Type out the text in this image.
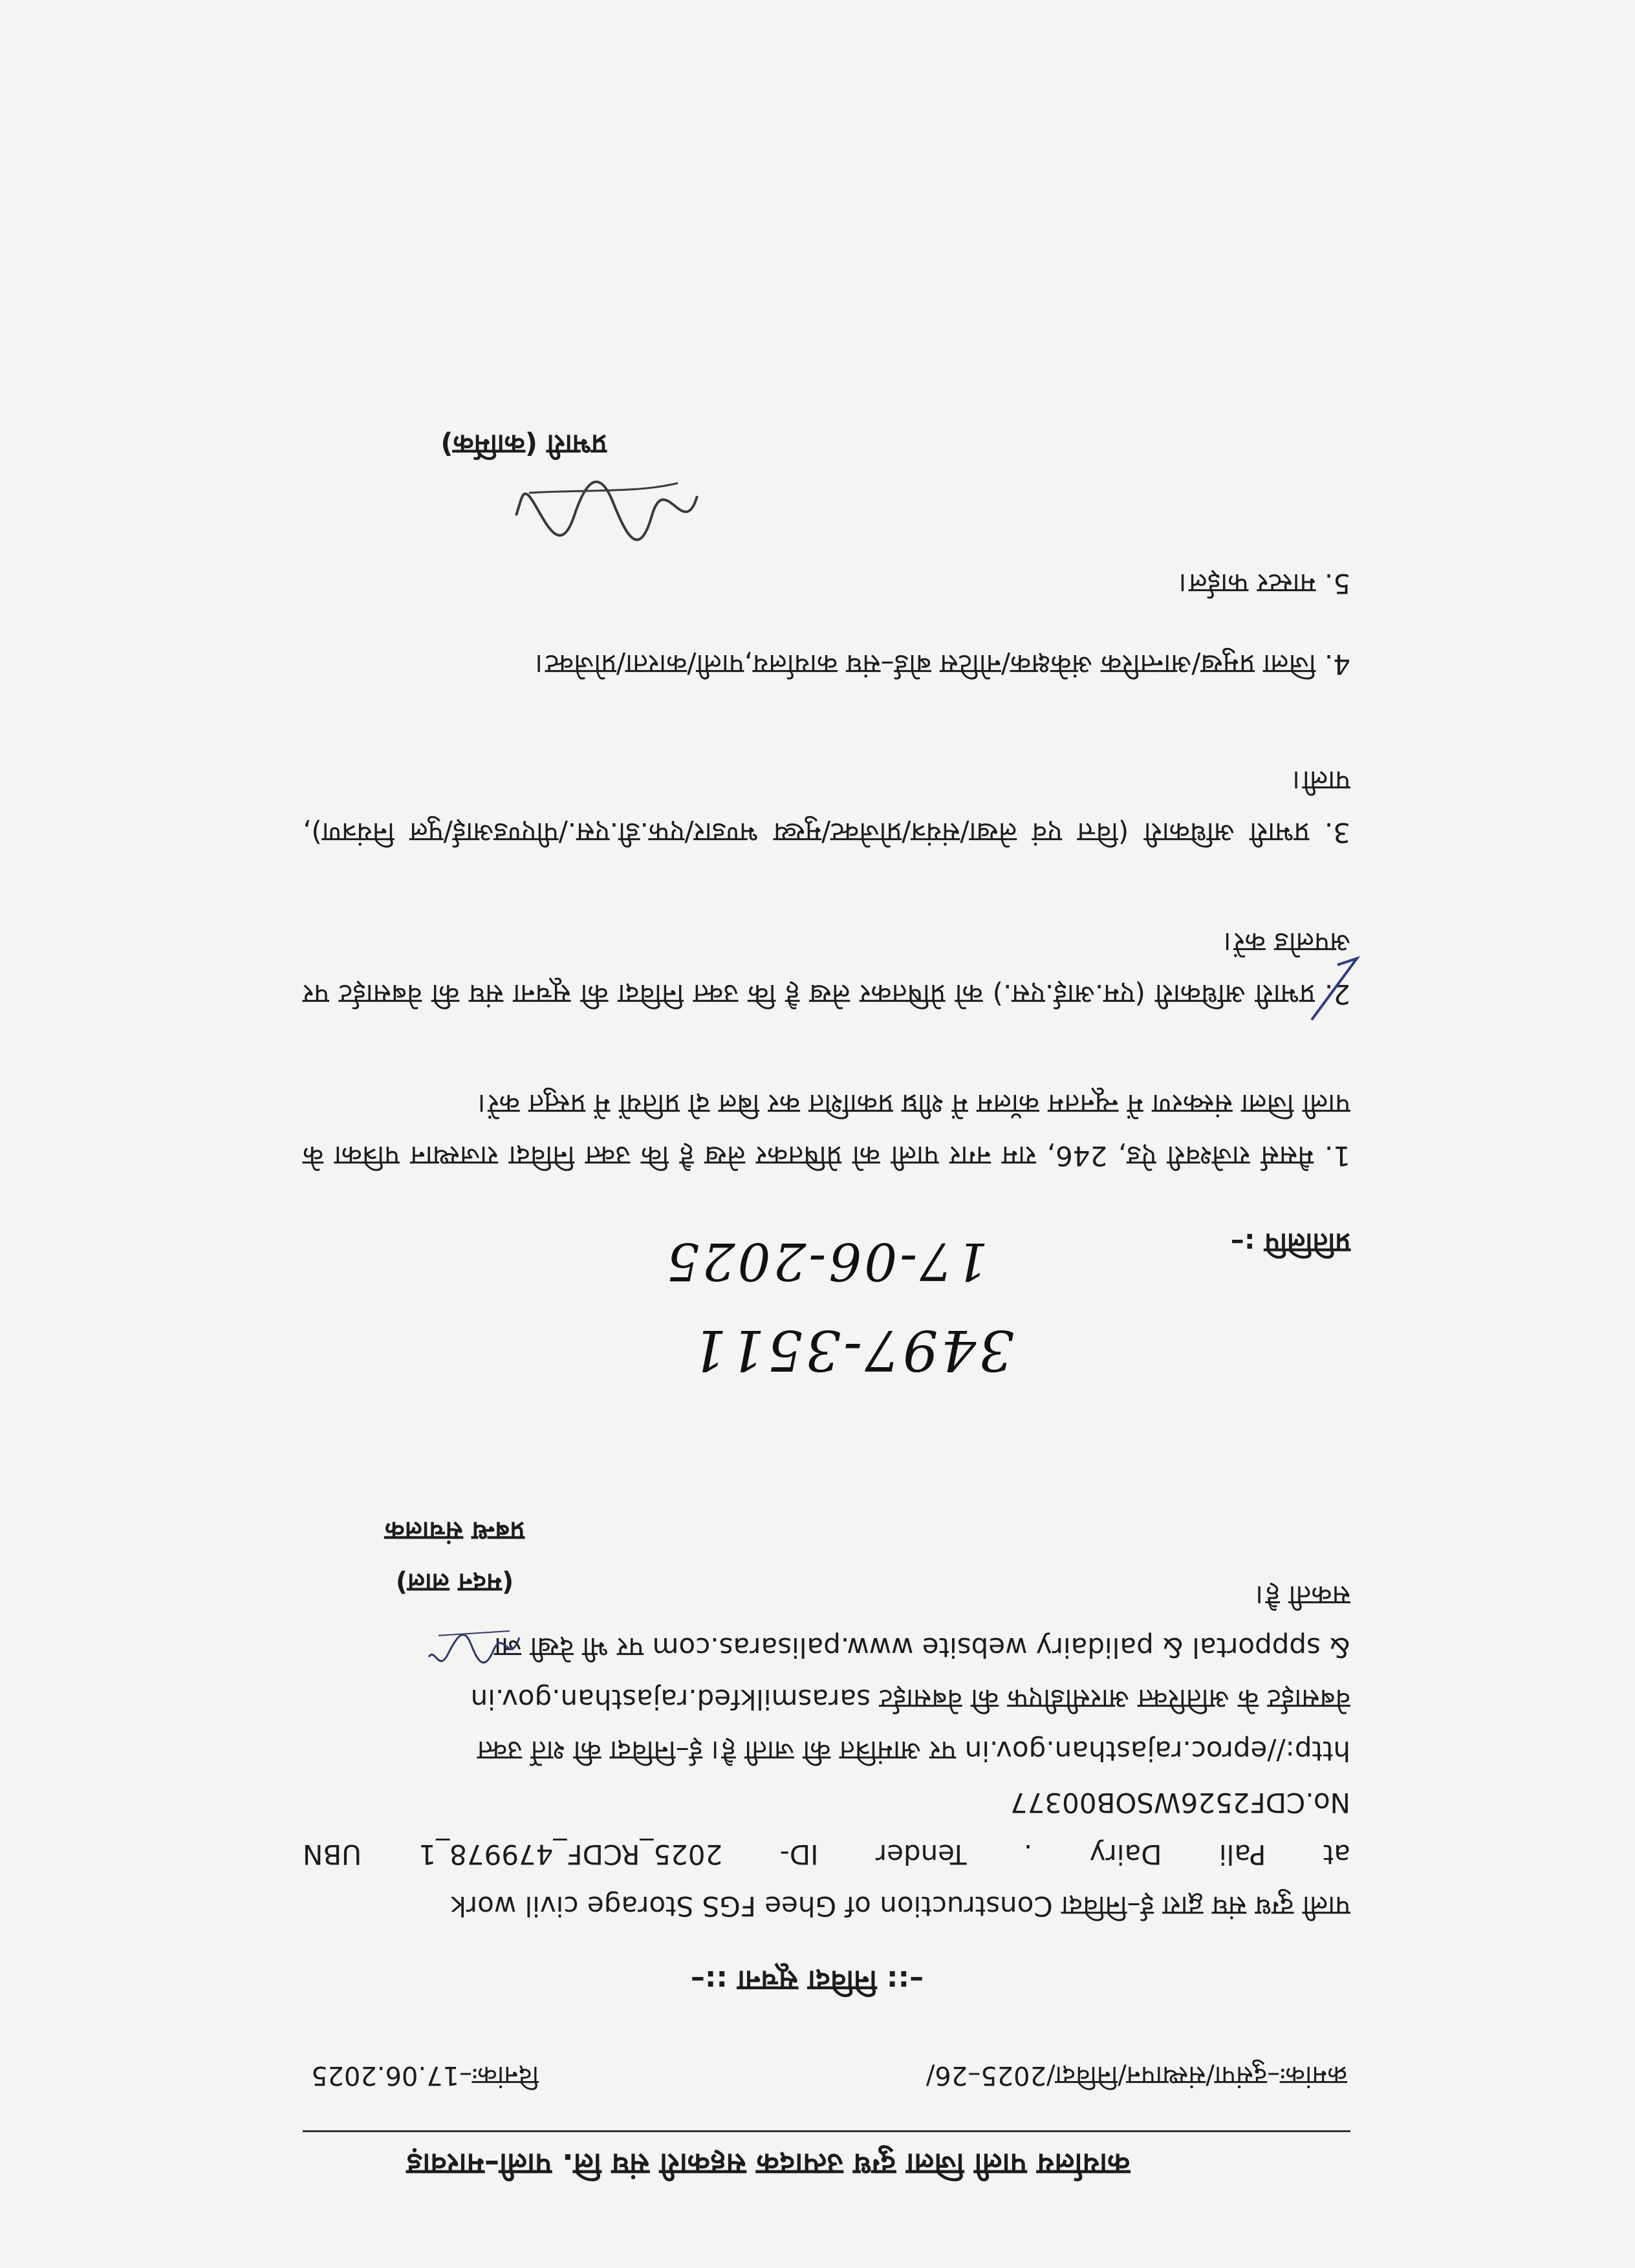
कार्यालय पाली जिला दुग्ध उत्पादक सहकारी संघ लि. पाली–मारवाड़
क्रमांकः–दुसंपा/संस्थापन/निविदा/2025–26/
दिनांकः–17.06.2025
–:: निविदा सूचना ::–

पाली दुग्ध संघ द्वारा ई–निविदा Construction of Ghee FGS Storage civil work

at Pali Dairy . Tender ID- 2025_RCDF_479978_1 UBN No.CDF2526WSOB00377

http://eproc.rajasthan.gov.in पर आमंत्रित की जाती है। ई–निविदा की शर्ते उक्त

वेबसाईट के अतिरिक्त आरसीडीएफ की वेबसाईट sarasmilkfed.rajasthan.gov.in

& sppportal & palidairy website www.palisaras.com पर भी देखी जा

सकती है।

(मदन लाल)
प्रबन्ध संचालक
3497-3511
17-06-2025	प्रतिलिपि :–
1. मैसर्स राजेश्वरी ऐड, 246, राम नगर पाली को प्रेषितकर लेख है कि उक्त निविदा राजस्थान पत्रिका के पाली जिला संस्करण में न्यूनतम कॉलम में शीघ्र प्रकाशित कर बिल दो प्रतियों में प्रस्तुत करें।
2. प्रभारी अधिकारी (एम.आई.एस.) को प्रेषितकर लेख है कि उक्त निविदा की सूचना संघ की वेबसाईट पर अपलोड करें।
3. प्रभारी अधिकारी (वित्त एवं लेखा/संयंत्र/प्रोजेक्ट/मुख्य भण्डार/एफ.डी.एस./पीएण्डआई/पुल नियंत्रण), पाली।
4. जिला प्रमुख/आन्तरिक अंकेक्षक/नोटिस बोर्ड–संघ कार्यालय,पाली/कारता/प्रोजेक्ट।
5. मास्टर फाईल।
प्रभारी (कार्मिक)
